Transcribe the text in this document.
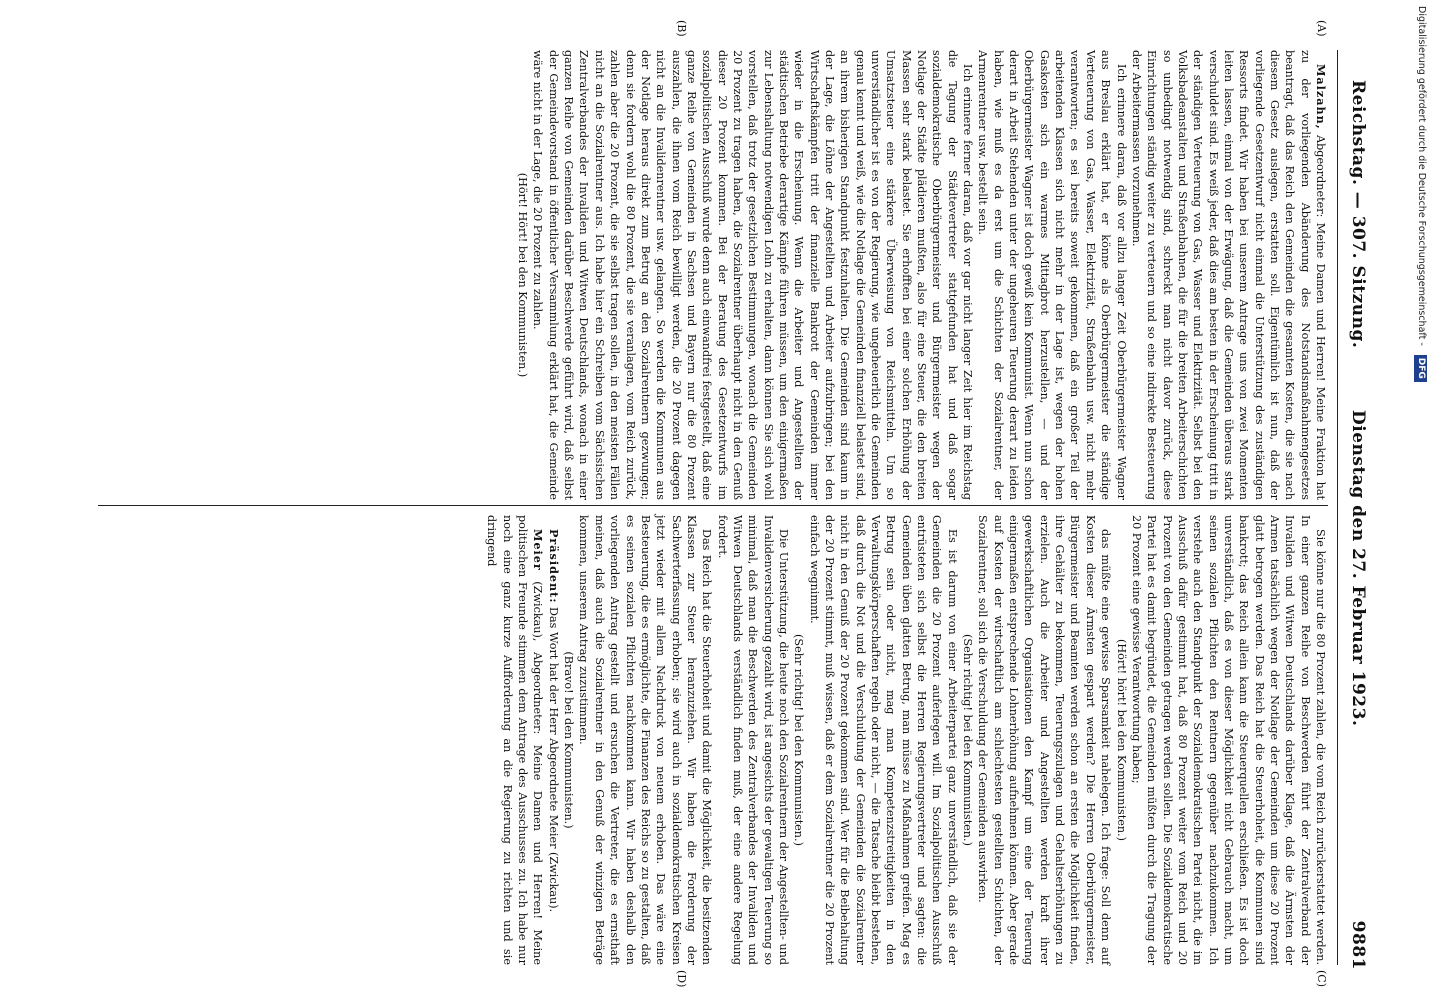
Reichstag. — 307. Sitzung.
Dienstag den 27. Februar 1923.
9881
(A)
(B)
(C)
(D)

Malzahn, Abgeordneter: Meine Damen und Herren! Meine Fraktion hat zu der vorliegenden Abänderung des Notstandsmaßnahmengesetzes beantragt, daß das Reich den Gemeinden die gesamten Kosten, die sie nach diesem Gesetz auslegen, erstatten soll. Eigentümlich ist nun, daß der vorliegende Gesetzentwurf nicht einmal die Unterstützung des zuständigen Ressorts findet. Wir haben bei unserem Antrage uns von zwei Momenten leiten lassen, einmal von der Erwägung, daß die Gemeinden überaus stark verschuldet sind. Es weiß jeder, daß dies am besten in der Erscheinung tritt in der ständigen Verteuerung von Gas, Wasser und Elektrizität. Selbst bei den Volksbadeanstalten und Straßenbahnen, die für die breiten Arbeiterschichten so unbedingt notwendig sind, schreckt man nicht davor zurück, diese Einrichtungen ständig weiter zu verteuern und so eine indirekte Besteuerung der Arbeitermassen vorzunehmen.

Ich erinnere daran, daß vor allzu langer Zeit Oberbürgermeister Wagner aus Breslau erklärt hat, er könne als Oberbürgermeister die ständige Verteuerung von Gas, Wasser, Elektrizität, Straßenbahn usw. nicht mehr verantworten; es sei bereits soweit gekommen, daß ein großer Teil der arbeitenden Klassen sich nicht mehr in der Lage ist, wegen der hohen Gaskosten sich ein warmes Mittagbrot herzustellen, — und der Oberbürgermeister Wagner ist doch gewiß kein Kommunist. Wenn nun schon derart in Arbeit Stehenden unter der ungeheuren Teuerung derart zu leiden haben, wie muß es da erst um die Schichten der Sozialrentner, der Armenrentner usw. bestellt sein.

Ich erinnere ferner daran, daß vor gar nicht langer Zeit hier im Reichstag die Tagung der Städtevertreter stattgefunden hat und daß sogar sozialdemokratische Oberbürgermeister und Bürgermeister wegen der Notlage der Städte plädieren mußten, also für eine Steuer, die den breiten Massen sehr stark belastet. Sie erhofften bei einer solchen Erhöhung der Umsatzsteuer eine stärkere Überweisung von Reichsmitteln. Um so unverständlicher ist es von der Regierung, wie ungeheuerlich die Gemeinden genau kennt und weiß, wie die Notlage die Gemeinden finanziell belastet sind, an ihrem bisherigen Standpunkt festzuhalten. Die Gemeinden sind kaum in der Lage, die Löhne der Angestellten und Arbeiter aufzubringen; bei den Wirtschaftskämpfen tritt der finanzielle Bankrott der Gemeinden immer wieder in die Erscheinung. Wenn die Arbeiter und Angestellten der städtischen Betriebe derartige Kämpfe führen müssen, um den einigermaßen zur Lebenshaltung notwendigen Lohn zu erhalten, dann können Sie sich wohl vorstellen, daß trotz der gesetzlichen Bestimmungen, wonach die Gemeinden 20 Prozent zu tragen haben, die Sozialrentner überhaupt nicht in den Genuß dieser 20 Prozent kommen. Bei der Beratung des Gesetzentwurfs im sozialpolitischen Ausschuß wurde denn auch einwandfrei festgestellt, daß eine ganze Reihe von Gemeinden in Sachsen und Bayern nur die 80 Prozent auszahlen, die ihnen vom Reich bewilligt werden, die 20 Prozent dagegen nicht an die Invalidenrentner usw. gelangen. So werden die Kommunen aus der Notlage heraus direkt zum Betrug an den Sozialrentnern gezwungen; denn sie fordern wohl die 80 Prozent, die sie veranlagen, vom Reich zurück, zahlen aber die 20 Prozent, die sie selbst tragen sollen, in den meisten Fällen nicht an die Sozialrentner aus. Ich habe hier ein Schreiben vom Sächsischen Zentralverbandes der Invaliden und Witwen Deutschlands, wonach in einer ganzen Reihe von Gemeinden darüber Beschwerde geführt wird, daß selbst der Gemeindevorstand in öffentlicher Versammlung erklärt hat, die Gemeinde wäre nicht in der Lage, die 20 Prozent zu zahlen.

(Hört! Hört! bei den Kommunisten.)

Sie könne nur die 80 Prozent zahlen, die vom Reich zurückerstattet werden. In einer ganzen Reihe von Beschwerden führt der Zentralverband der Invaliden und Witwen Deutschlands darüber Klage, daß die Ärmsten der Armen tatsächlich wegen der Notlage der Gemeinden um diese 20 Prozent glatt betrogen werden. Das Reich hat die Steuerhoheit, die Kommunen sind bankrott; das Reich allein kann die Steuerquellen erschließen. Es ist doch unverständlich, daß es von dieser Möglichkeit nicht Gebrauch macht, um seinen sozialen Pflichten den Rentnern gegenüber nachzukommen. Ich verstehe auch den Standpunkt der Sozialdemokratischen Partei nicht, die im Ausschuß dafür gestimmt hat, daß 80 Prozent weiter vom Reich und 20 Prozent von den Gemeinden getragen werden sollen. Die Sozialdemokratische Partei hat es damit begründet, die Gemeinden müßten durch die Tragung der 20 Prozent eine gewisse Verantwortung haben;

(Hört! hört! bei den Kommunisten.)

das müßte eine gewisse Sparsamkeit nahelegen. Ich frage: Soll denn auf Kosten dieser Ärmsten gespart werden? Die Herren Oberbürgermeister, Bürgermeister und Beamten werden schon an ersten die Möglichkeit finden, ihre Gehälter zu bekommen, Teuerungszulagen und Gehaltserhöhungen zu erzielen. Auch die Arbeiter und Angestellten werden kraft ihrer gewerkschaftlichen Organisationen den Kampf um eine der Teuerung einigermaßen entsprechende Lohnerhöhung aufnehmen können. Aber gerade auf Kosten der wirtschaftlich am schlechtesten gestellten Schichten, der Sozialrentner, soll sich die Verschuldung der Gemeinden auswirken.

(Sehr richtig! bei den Kommunisten.)

Es ist darum von einer Arbeiterpartei ganz unverständlich, daß sie der Gemeinden die 20 Prozent auferlegen will. Im Sozialpolitischen Ausschuß entrüsteten sich selbst die Herren Regierungsvertreter und sagten: die Gemeinden üben glatten Betrug, man müsse zu Maßnahmen greifen. Mag es Betrug sein oder nicht, mag man Kompetenzstreitigkeiten in den Verwaltungskörperschaften regeln oder nicht, — die Tatsache bleibt bestehen, daß durch die Not und die Verschuldung der Gemeinden die Sozialrentner nicht in den Genuß der 20 Prozent gekommen sind. Wer für die Beibehaltung der 20 Prozent stimmt, muß wissen, daß er dem Sozialrentner die 20 Prozent einfach wegnimmt.

(Sehr richtig! bei den Kommunisten.)

Die Unterstützung, die heute noch den Sozialrentnern der Angestellten- und Invalidenversicherung gezahlt wird, ist angesichts der gewaltigen Teuerung so minimal, daß man die Beschwerden des Zentralverbandes der Invaliden und Witwen Deutschlands verständlich finden muß, der eine andere Regelung fordert.

Das Reich hat die Steuerhoheit und damit die Möglichkeit, die besitzenden Klassen zur Steuer heranzuziehen. Wir haben die Forderung der Sachwerterfassung erhoben; sie wird auch in sozialdemokratischen Kreisen jetzt wieder mit allem Nachdruck von neuem erhoben. Das wäre eine Besteuerung, die es ermöglichte, die Finanzen des Reichs so zu gestalten, daß es seinen sozialen Pflichten nachkommen kann. Wir haben deshalb den vorliegenden Antrag gestellt und ersuchen die Vertreter, die es ernsthaft meinen, daß auch die Sozialrentner in den Genuß der winzigen Beträge kommen, unserem Antrag zuzustimmen.

(Bravo! bei den Kommunisten.)

Präsident: Das Wort hat der Herr Abgeordnete Meier (Zwickau).

Meier (Zwickau), Abgeordneter: Meine Damen und Herren! Meine politischen Freunde stimmen dem Antrage des Ausschusses zu. Ich habe nur noch eine ganz kurze Aufforderung an die Regierung zu richten und sie dringend

Digitalisierung gefördert durch die Deutsche Forschungsgemeinschaft - DFG
